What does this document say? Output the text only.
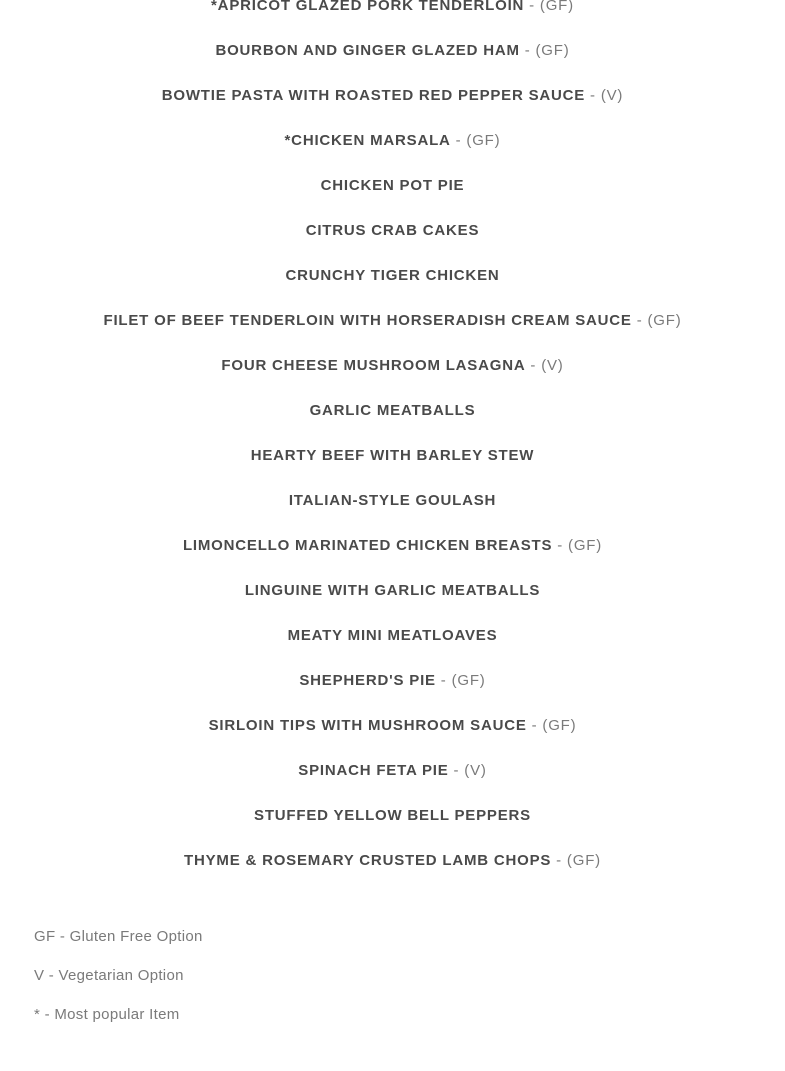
*APRICOT GLAZED PORK TENDERLOIN - (GF)
BOURBON AND GINGER GLAZED HAM - (GF)
BOWTIE PASTA WITH ROASTED RED PEPPER SAUCE - (V)
*CHICKEN MARSALA - (GF)
CHICKEN POT PIE
CITRUS CRAB CAKES
CRUNCHY TIGER CHICKEN
FILET OF BEEF TENDERLOIN WITH HORSERADISH CREAM SAUCE - (GF)
FOUR CHEESE MUSHROOM LASAGNA - (V)
GARLIC MEATBALLS
HEARTY BEEF WITH BARLEY STEW
ITALIAN-STYLE GOULASH
LIMONCELLO MARINATED CHICKEN BREASTS - (GF)
LINGUINE WITH GARLIC MEATBALLS
MEATY MINI MEATLOAVES
SHEPHERD'S PIE - (GF)
SIRLOIN TIPS WITH MUSHROOM SAUCE - (GF)
SPINACH FETA PIE - (V)
STUFFED YELLOW BELL PEPPERS
THYME & ROSEMARY CRUSTED LAMB CHOPS - (GF)
GF - Gluten Free Option
V - Vegetarian Option
* - Most popular Item
